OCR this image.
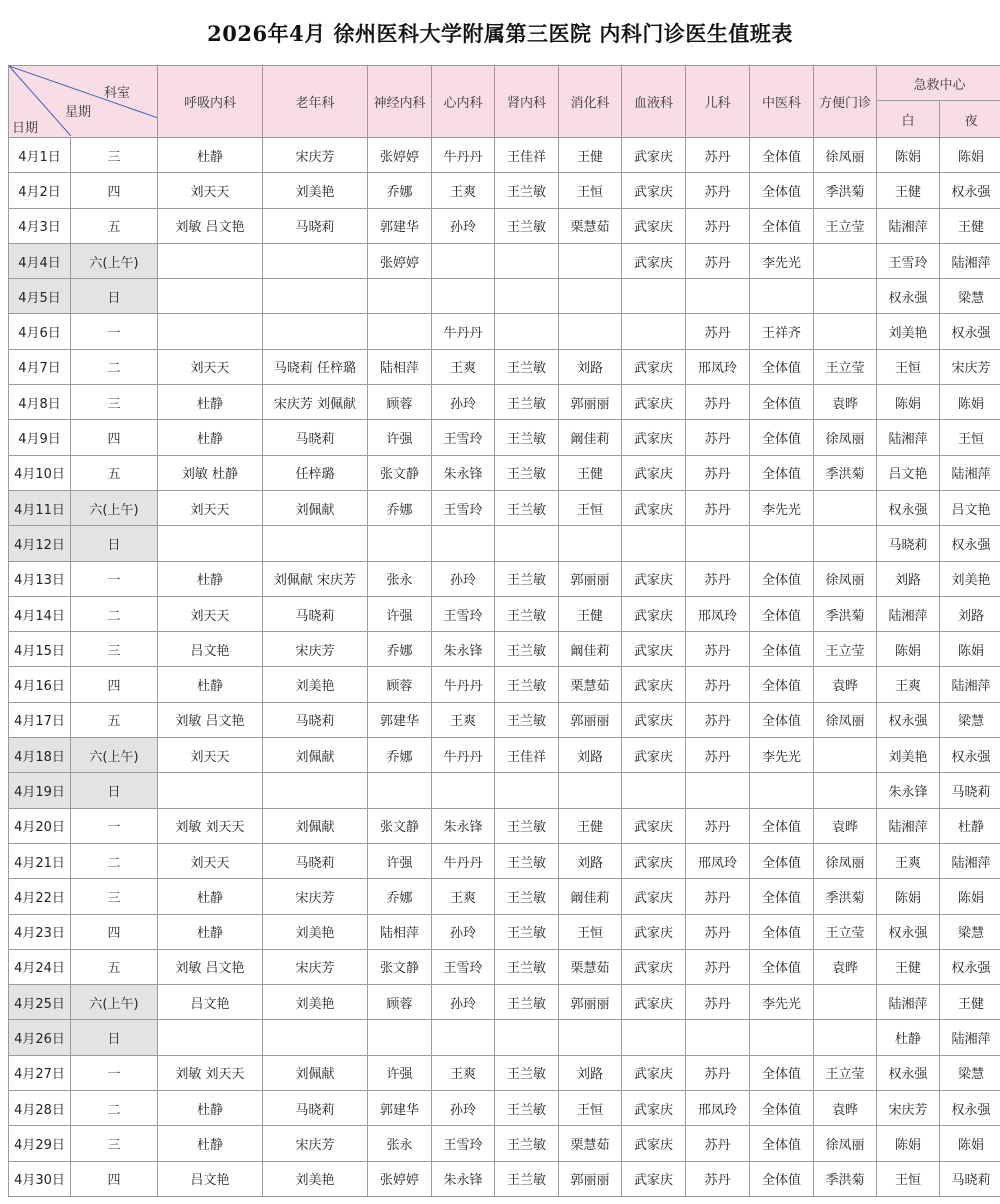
2026年4月 徐州医科大学附属第三医院 内科门诊医生值班表
科室
星期
日期		呼吸内科	老年科	神经内科	心内科	肾内科	消化科	血液科	儿科	中医科	方便门诊	急救中心	
												白	夜
4月1日	三	杜静	宋庆芳	张婷婷	牛丹丹	王佳祥	王健	武家庆	苏丹	全体值	徐凤丽	陈娟	陈娟
4月2日	四	刘天天	刘美艳	乔娜	王爽	王兰敏	王恒	武家庆	苏丹	全体值	季洪菊	王健	权永强
4月3日	五	刘敏 吕文艳	马晓莉	郭建华	孙玲	王兰敏	栗慧茹	武家庆	苏丹	全体值	王立莹	陆湘萍	王健
4月4日	六(上午)			张婷婷				武家庆	苏丹	李先光		王雪玲	陆湘萍
4月5日	日											权永强	梁慧
4月6日	一				牛丹丹				苏丹	王祥齐		刘美艳	权永强
4月7日	二	刘天天	马晓莉 任梓璐	陆相萍	王爽	王兰敏	刘路	武家庆	邢凤玲	全体值	王立莹	王恒	宋庆芳
4月8日	三	杜静	宋庆芳 刘佩献	顾蓉	孙玲	王兰敏	郭丽丽	武家庆	苏丹	全体值	袁晔	陈娟	陈娟
4月9日	四	杜静	马晓莉	许强	王雪玲	王兰敏	阚佳莉	武家庆	苏丹	全体值	徐凤丽	陆湘萍	王恒
4月10日	五	刘敏 杜静	任梓璐	张文静	朱永锋	王兰敏	王健	武家庆	苏丹	全体值	季洪菊	吕文艳	陆湘萍
4月11日	六(上午)	刘天天	刘佩献	乔娜	王雪玲	王兰敏	王恒	武家庆	苏丹	李先光		权永强	吕文艳
4月12日	日											马晓莉	权永强
4月13日	一	杜静	刘佩献 宋庆芳	张永	孙玲	王兰敏	郭丽丽	武家庆	苏丹	全体值	徐凤丽	刘路	刘美艳
4月14日	二	刘天天	马晓莉	许强	王雪玲	王兰敏	王健	武家庆	邢凤玲	全体值	季洪菊	陆湘萍	刘路
4月15日	三	吕文艳	宋庆芳	乔娜	朱永锋	王兰敏	阚佳莉	武家庆	苏丹	全体值	王立莹	陈娟	陈娟
4月16日	四	杜静	刘美艳	顾蓉	牛丹丹	王兰敏	栗慧茹	武家庆	苏丹	全体值	袁晔	王爽	陆湘萍
4月17日	五	刘敏 吕文艳	马晓莉	郭建华	王爽	王兰敏	郭丽丽	武家庆	苏丹	全体值	徐凤丽	权永强	梁慧
4月18日	六(上午)	刘天天	刘佩献	乔娜	牛丹丹	王佳祥	刘路	武家庆	苏丹	李先光		刘美艳	权永强
4月19日	日											朱永锋	马晓莉
4月20日	一	刘敏 刘天天	刘佩献	张文静	朱永锋	王兰敏	王健	武家庆	苏丹	全体值	袁晔	陆湘萍	杜静
4月21日	二	刘天天	马晓莉	许强	牛丹丹	王兰敏	刘路	武家庆	邢凤玲	全体值	徐凤丽	王爽	陆湘萍
4月22日	三	杜静	宋庆芳	乔娜	王爽	王兰敏	阚佳莉	武家庆	苏丹	全体值	季洪菊	陈娟	陈娟
4月23日	四	杜静	刘美艳	陆相萍	孙玲	王兰敏	王恒	武家庆	苏丹	全体值	王立莹	权永强	梁慧
4月24日	五	刘敏 吕文艳	宋庆芳	张文静	王雪玲	王兰敏	栗慧茹	武家庆	苏丹	全体值	袁晔	王健	权永强
4月25日	六(上午)	吕文艳	刘美艳	顾蓉	孙玲	王兰敏	郭丽丽	武家庆	苏丹	李先光		陆湘萍	王健
4月26日	日											杜静	陆湘萍
4月27日	一	刘敏 刘天天	刘佩献	许强	王爽	王兰敏	刘路	武家庆	苏丹	全体值	王立莹	权永强	梁慧
4月28日	二	杜静	马晓莉	郭建华	孙玲	王兰敏	王恒	武家庆	邢凤玲	全体值	袁晔	宋庆芳	权永强
4月29日	三	杜静	宋庆芳	张永	王雪玲	王兰敏	栗慧茹	武家庆	苏丹	全体值	徐凤丽	陈娟	陈娟
4月30日	四	吕文艳	刘美艳	张婷婷	朱永锋	王兰敏	郭丽丽	武家庆	苏丹	全体值	季洪菊	王恒	马晓莉
